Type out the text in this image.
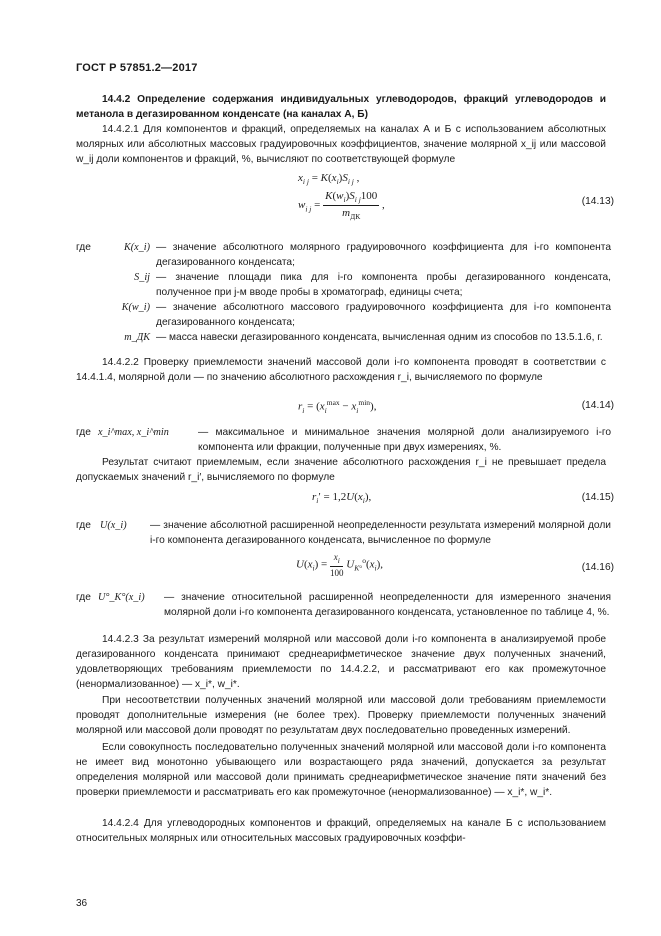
ГОСТ Р 57851.2—2017

14.4.2 Определение содержания индивидуальных углеводородов, фракций углеводородов и метанола в дегазированном конденсате (на каналах А, Б)

14.4.2.1 Для компонентов и фракций, определяемых на каналах А и Б с использованием абсолютных молярных или абсолютных массовых градуировочных коэффициентов, значение молярной x_ij или массовой w_ij доли компонентов и фракций, %, вычисляют по соответствующей формуле

$x_{i j} = K(x_i)S_{i j}$ ,
$w_{i j} = \frac{K(w_i)S_{i j}100}{m_{ДК}}$ ,	(14.13)
где	K(x_i) — значение абсолютного молярного градуировочного коэффициента для i-го компонента дегазированного конденсата;
S_ij — значение площади пика для i-го компонента пробы дегазированного конденсата, полученное при j-м вводе пробы в хроматограф, единицы счета;
K(w_i) — значение абсолютного массового градуировочного коэффициента для i-го компонента дегазированного конденсата;
m_ДК — масса навески дегазированного конденсата, вычисленная одним из способов по 13.5.1.6, г.

14.4.2.2 Проверку приемлемости значений массовой доли i-го компонента проводят в соответствии с 14.4.1.4, молярной доли — по значению абсолютного расхождения r_i, вычисляемого по формуле

$r_i = (x_i^{max} - x_i^{min})$,	(14.14)
где x_i^max, x_i^min	— максимальное и минимальное значения молярной доли анализируемого i-го компонента или фракции, полученные при двух измерениях, %.

Результат считают приемлемым, если значение абсолютного расхождения r_i не превышает предела допускаемых значений r_i′, вычисляемого по формуле

$r_i' = 1,2U(x_i)$,	(14.15)
где U(x_i)	— значение абсолютной расширенной неопределенности результата измерений молярной доли i-го компонента дегазированного конденсата, вычисленное по формуле
$U(x_i) = \frac{x_i}{100} U_{K^\circ}^о(x_i)$,	(14.16)
где U°_K°(x_i)	— значение относительной расширенной неопределенности для измеренного значения молярной доли i-го компонента дегазированного конденсата, установленное по таблице 4, %.

14.4.2.3 За результат измерений молярной или массовой доли i-го компонента в анализируемой пробе дегазированного конденсата принимают среднеарифметическое значение двух полученных значений, удовлетворяющих требованиям приемлемости по 14.4.2.2, и рассматривают его как промежуточное (ненормализованное) — x_i*, w_i*.

При несоответствии полученных значений молярной или массовой доли требованиям приемлемости проводят дополнительные измерения (не более трех). Проверку приемлемости полученных значений молярной или массовой доли проводят по результатам двух последовательно проведенных измерений.

Если совокупность последовательно полученных значений молярной или массовой доли i-го компонента не имеет вид монотонно убывающего или возрастающего ряда значений, допускается за результат определения молярной или массовой доли принимать среднеарифметическое значение пяти значений без проверки приемлемости и рассматривать его как промежуточное (ненормализованное) — x_i*, w_i*.

14.4.2.4 Для углеводородных компонентов и фракций, определяемых на канале Б с использованием относительных молярных или относительных массовых градуировочных коэффи-

36
